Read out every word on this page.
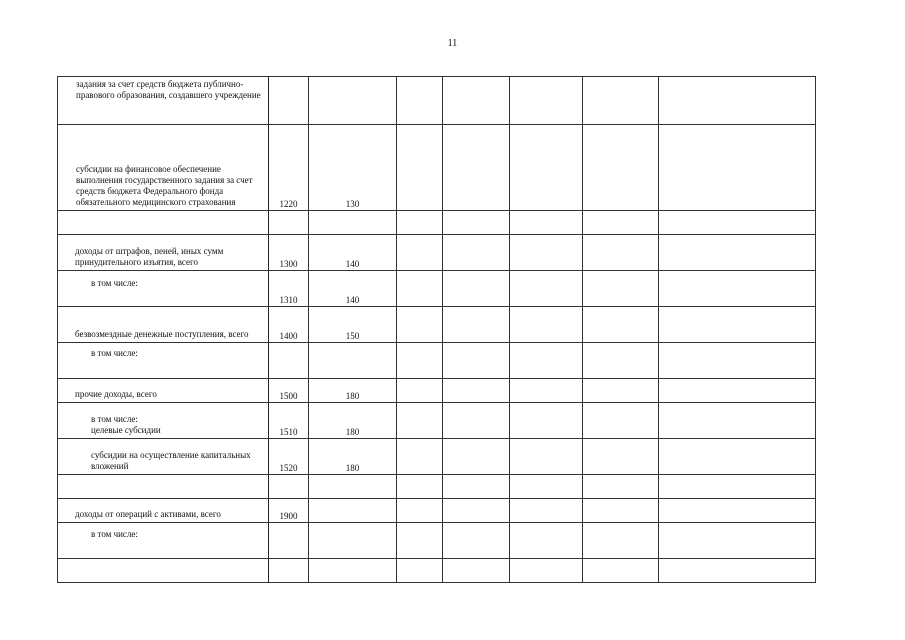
11
задания за счет средств бюджета публично-правового образования, создавшего учреждение							

субсидии на финансовое обеспечение выполнения государственного задания за счет средств бюджета Федерального фонда обязательного медицинского страхования	1220	130					

доходы от штрафов, пеней, иных сумм принудительного изъятия, всего	1300	140					

в том числе:	1310	140					

безвозмездные денежные поступления, всего	1400	150					

в том числе:							

прочие доходы, всего	1500	180					

в том числе:
целевые субсидии	1510	180					

субсидии на осуществление капитальных вложений	1520	180					

доходы от операций с активами, всего	1900						

в том числе:							
